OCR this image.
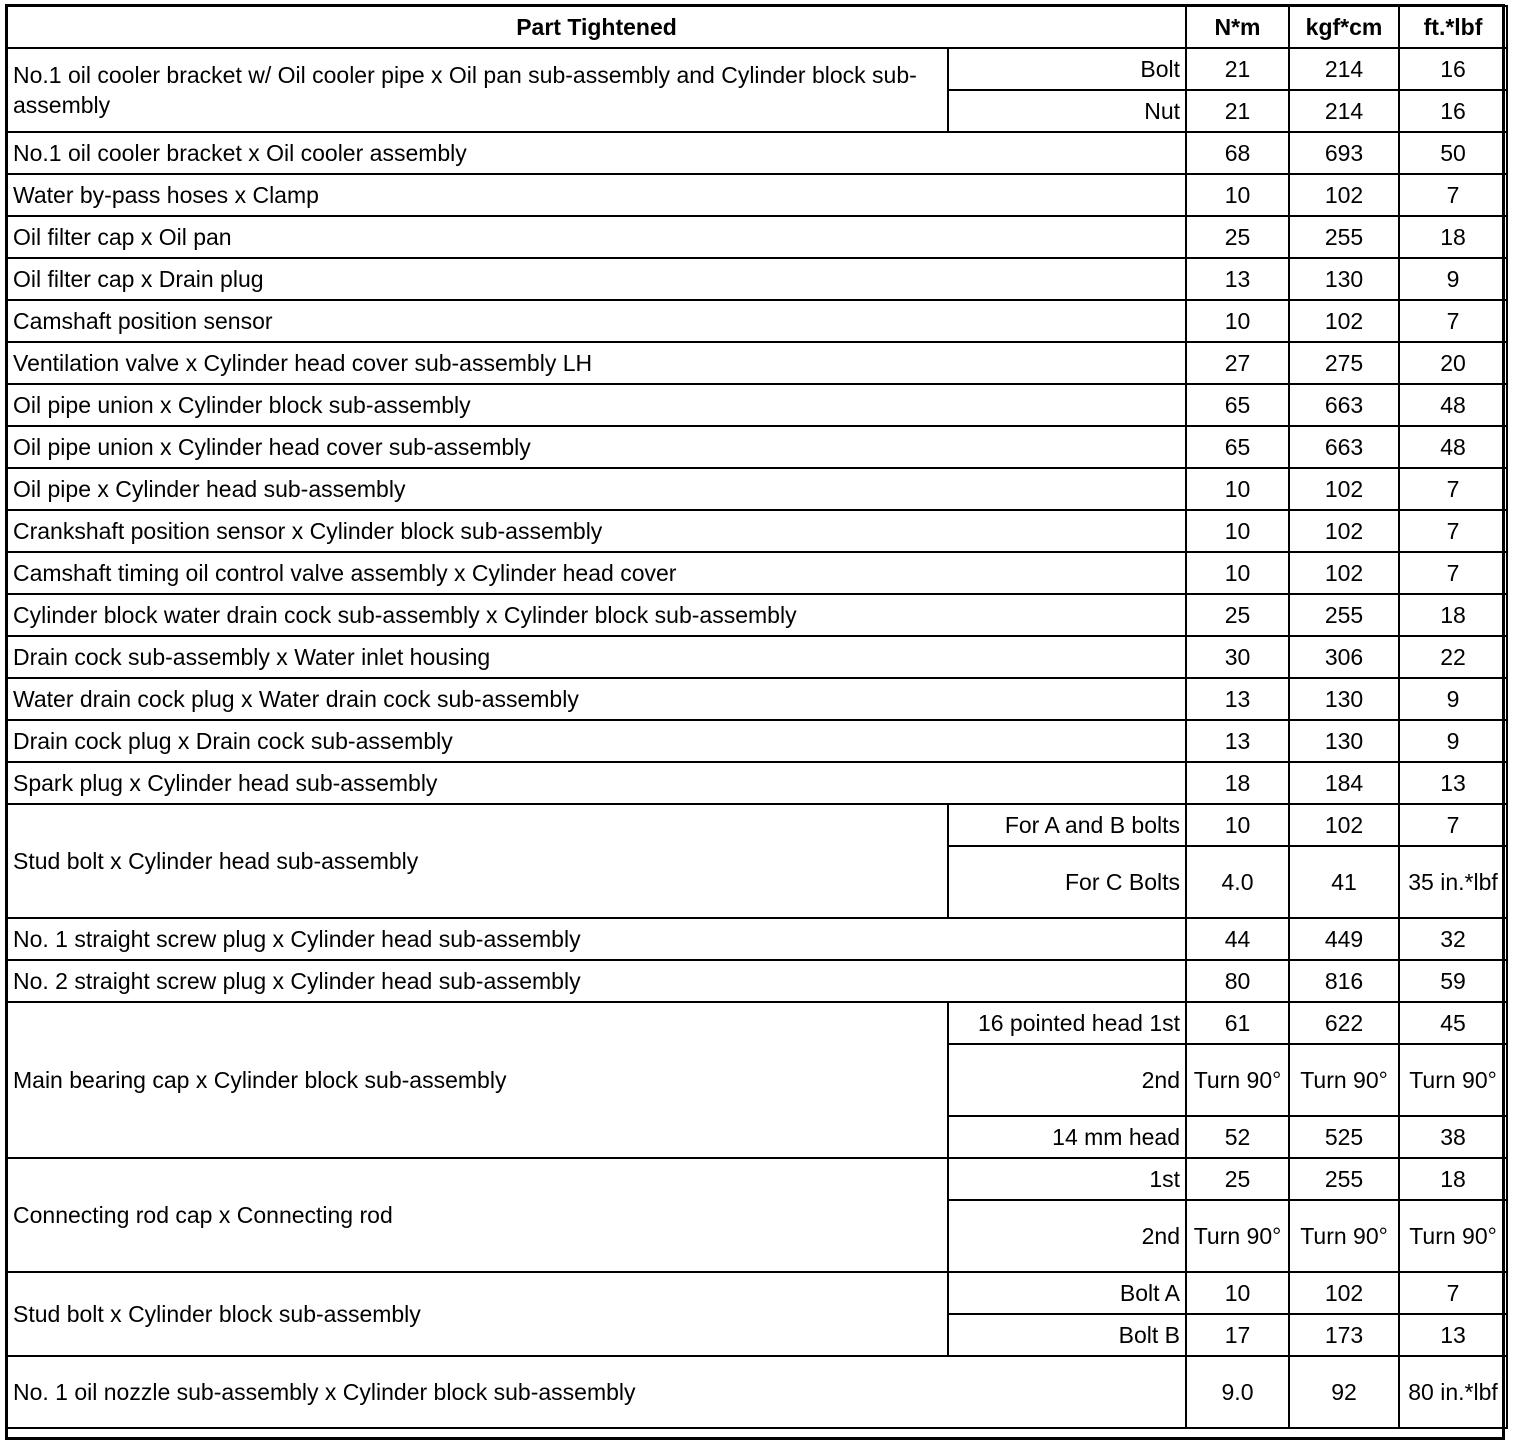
Part Tightened		N*m	kgf*cm	ft.*lbf
No.1 oil cooler bracket w/ Oil cooler pipe x Oil pan sub-assembly and Cylinder block sub-assembly	Bolt	21	214	16
	Nut	21	214	16
No.1 oil cooler bracket x Oil cooler assembly		68	693	50
Water by-pass hoses x Clamp		10	102	7
Oil filter cap x Oil pan		25	255	18
Oil filter cap x Drain plug		13	130	9
Camshaft position sensor		10	102	7
Ventilation valve x Cylinder head cover sub-assembly LH		27	275	20
Oil pipe union x Cylinder block sub-assembly		65	663	48
Oil pipe union x Cylinder head cover sub-assembly		65	663	48
Oil pipe x Cylinder head sub-assembly		10	102	7
Crankshaft position sensor x Cylinder block sub-assembly		10	102	7
Camshaft timing oil control valve assembly x Cylinder head cover		10	102	7
Cylinder block water drain cock sub-assembly x Cylinder block sub-assembly		25	255	18
Drain cock sub-assembly x Water inlet housing		30	306	22
Water drain cock plug x Water drain cock sub-assembly		13	130	9
Drain cock plug x Drain cock sub-assembly		13	130	9
Spark plug x Cylinder head sub-assembly		18	184	13
Stud bolt x Cylinder head sub-assembly	For A and B bolts	10	102	7
	For C Bolts	4.0	41	35 in.*lbf
No. 1 straight screw plug x Cylinder head sub-assembly		44	449	32
No. 2 straight screw plug x Cylinder head sub-assembly		80	816	59
Main bearing cap x Cylinder block sub-assembly	16 pointed head 1st	61	622	45
	2nd	Turn 90°	Turn 90°	Turn 90°
	14 mm head	52	525	38
Connecting rod cap x Connecting rod	1st	25	255	18
	2nd	Turn 90°	Turn 90°	Turn 90°
Stud bolt x Cylinder block sub-assembly	Bolt A	10	102	7
	Bolt B	17	173	13
No. 1 oil nozzle sub-assembly x Cylinder block sub-assembly		9.0	92	80 in.*lbf
